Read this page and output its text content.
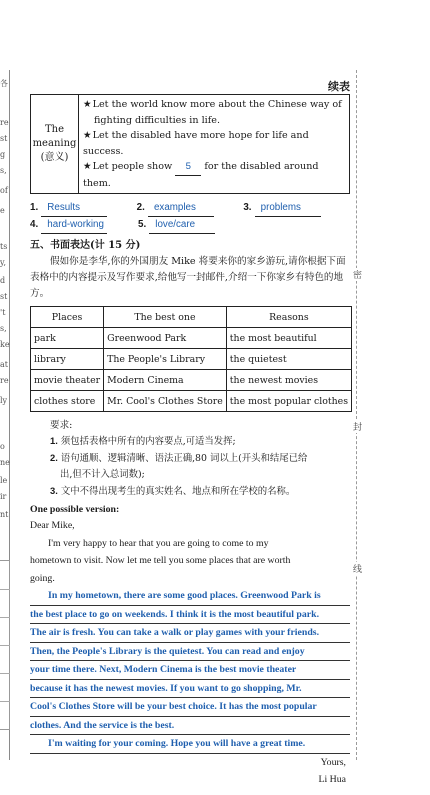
各
re
st
g
s,
of
e
ts
y,
d
st
't
s,
ke
at
re
ly
o
ne
le
ir
nt
密
封
线
续表
The meaning
(意义)
★Let the world know more about the Chinese way of
fighting difficulties in life.
★Let the disabled have more hope for life and success.
★Let people show 5 for the disabled around them.
1. Results	2. examples	3. problems
4. hard-working	5. love/care
五、书面表达(计 15 分)
假如你是李华,你的外国朋友 Mike 将要来你的家乡游玩,请你根据下面表格中的内容提示及写作要求,给他写一封邮件,介绍一下你家乡有特色的地方。
Places	The best one	Reasons
park	Greenwood Park	the most beautiful
library	The People's Library	the quietest
movie theater	Modern Cinema	the newest movies
clothes store	Mr. Cool's Clothes Store	the most popular clothes
要求:
1. 须包括表格中所有的内容要点,可适当发挥;
2. 语句通顺、逻辑清晰、语法正确,80 词以上(开头和结尾已给
出,但不计入总词数);
3. 文中不得出现考生的真实姓名、地点和所在学校的名称。
One possible version:
Dear Mike,
I'm very happy to hear that you are going to come to my
hometown to visit. Now let me tell you some places that are worth
going.
In my hometown, there are some good places. Greenwood Park is
the best place to go on weekends. I think it is the most beautiful park.
The air is fresh. You can take a walk or play games with your friends.
Then, the People's Library is the quietest. You can read and enjoy
your time there. Next, Modern Cinema is the best movie theater
because it has the newest movies. If you want to go shopping, Mr.
Cool's Clothes Store will be your best choice. It has the most popular
clothes. And the service is the best.
I'm waiting for your coming. Hope you will have a great time.
Yours,
Li Hua
